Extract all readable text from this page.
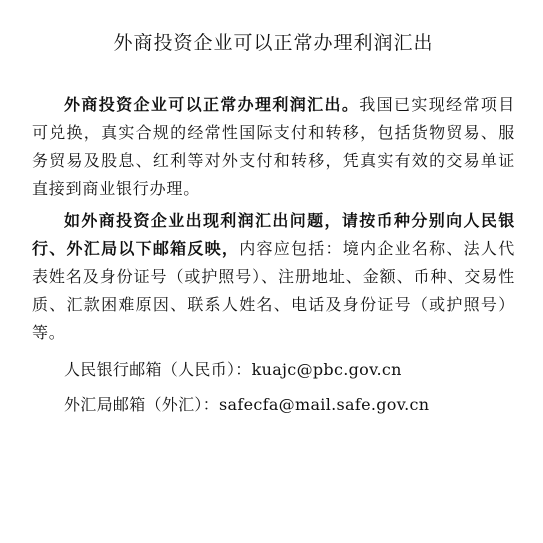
外商投资企业可以正常办理利润汇出

外商投资企业可以正常办理利润汇出。我国已实现经常项目可兑换，真实合规的经常性国际支付和转移，包括货物贸易、服务贸易及股息、红利等对外支付和转移，凭真实有效的交易单证直接到商业银行办理。

如外商投资企业出现利润汇出问题，请按币种分别向人民银行、外汇局以下邮箱反映，内容应包括：境内企业名称、法人代表姓名及身份证号（或护照号）、注册地址、金额、币种、交易性质、汇款困难原因、联系人姓名、电话及身份证号（或护照号）等。

人民银行邮箱（人民币）：kuajc@pbc.gov.cn

外汇局邮箱（外汇）：safecfa@mail.safe.gov.cn
